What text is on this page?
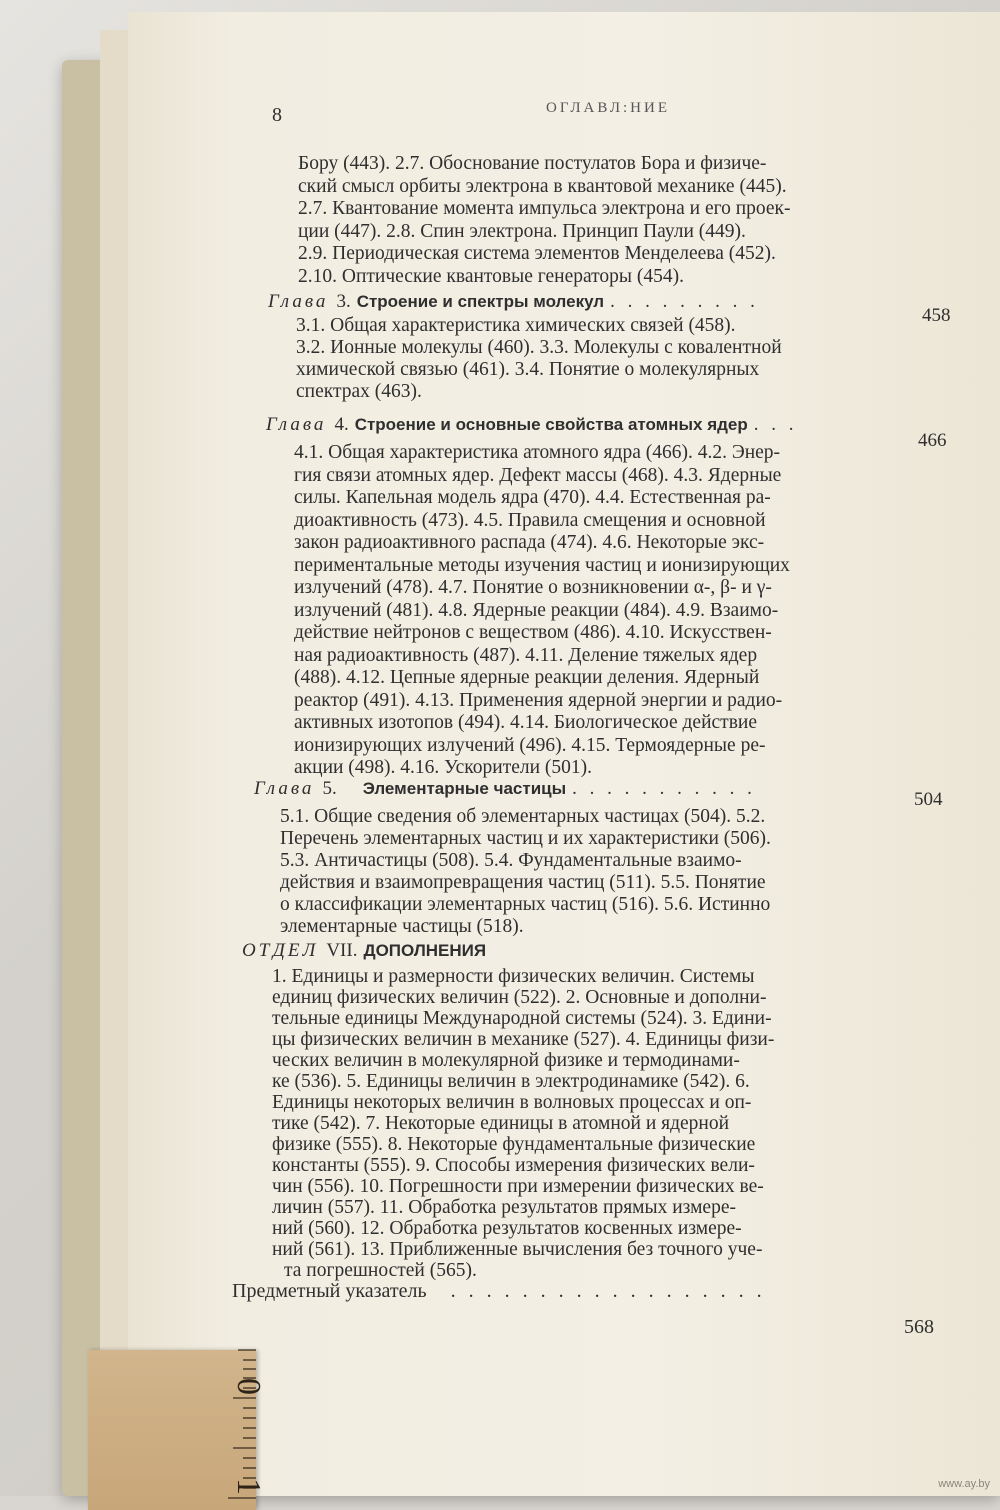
8	ОГЛАВЛ:НИЕ
Бору (443). 2.7. Обоснование постулатов Бора и физиче-
ский смысл орбиты электрона в квантовой механике (445).
2.7. Квантование момента импульса электрона и его проек-
ции (447). 2.8. Спин электрона. Принцип Паули (449).
2.9. Периодическая система элементов Менделеева (452).
2.10. Оптические квантовые генераторы (454).
Глава 3. Строение и спектры молекул . . . . . . . . .
458
3.1. Общая характеристика химических связей (458).
3.2. Ионные молекулы (460). 3.3. Молекулы с ковалентной
химической связью (461). 3.4. Понятие о молекулярных
спектрах (463).
Глава 4. Строение и основные свойства атомных ядер . . .
466
4.1. Общая характеристика атомного ядра (466). 4.2. Энер-
гия связи атомных ядер. Дефект массы (468). 4.3. Ядерные
силы. Капельная модель ядра (470). 4.4. Естественная ра-
диоактивность (473). 4.5. Правила смещения и основной
закон радиоактивного распада (474). 4.6. Некоторые экс-
периментальные методы изучения частиц и ионизирующих
излучений (478). 4.7. Понятие о возникновении α-, β- и γ-
излучений (481). 4.8. Ядерные реакции (484). 4.9. Взаимо-
действие нейтронов с веществом (486). 4.10. Искусствен-
ная радиоактивность (487). 4.11. Деление тяжелых ядер
(488). 4.12. Цепные ядерные реакции деления. Ядерный
реактор (491). 4.13. Применения ядерной энергии и радио-
активных изотопов (494). 4.14. Биологическое действие
ионизирующих излучений (496). 4.15. Термоядерные ре-
акции (498). 4.16. Ускорители (501).
Глава 5. Элементарные частицы . . . . . . . . . . .
504
5.1. Общие сведения об элементарных частицах (504). 5.2.
Перечень элементарных частиц и их характеристики (506).
5.3. Античастицы (508). 5.4. Фундаментальные взаимо-
действия и взаимопревращения частиц (511). 5.5. Понятие
о классификации элементарных частиц (516). 5.6. Истинно
элементарные частицы (518).
ОТДЕЛ VII. ДОПОЛНЕНИЯ
1. Единицы и размерности физических величин. Системы
единиц физических величин (522). 2. Основные и дополни-
тельные единицы Международной системы (524). 3. Едини-
цы физических величин в механике (527). 4. Единицы физи-
ческих величин в молекулярной физике и термодинами-
ке (536). 5. Единицы величин в электродинамике (542). 6.
Единицы некоторых величин в волновых процессах и оп-
тике (542). 7. Некоторые единицы в атомной и ядерной
физике (555). 8. Некоторые фундаментальные физические
константы (555). 9. Способы измерения физических вели-
чин (556). 10. Погрешности при измерении физических ве-
личин (557). 11. Обработка результатов прямых измере-
ний (560). 12. Обработка результатов косвенных измере-
ний (561). 13. Приближенные вычисления без точного уче-
та погрешностей (565).
Предметный указатель . . . . . . . . . . . . . . . . . .
568
0
1	www.ay.by
